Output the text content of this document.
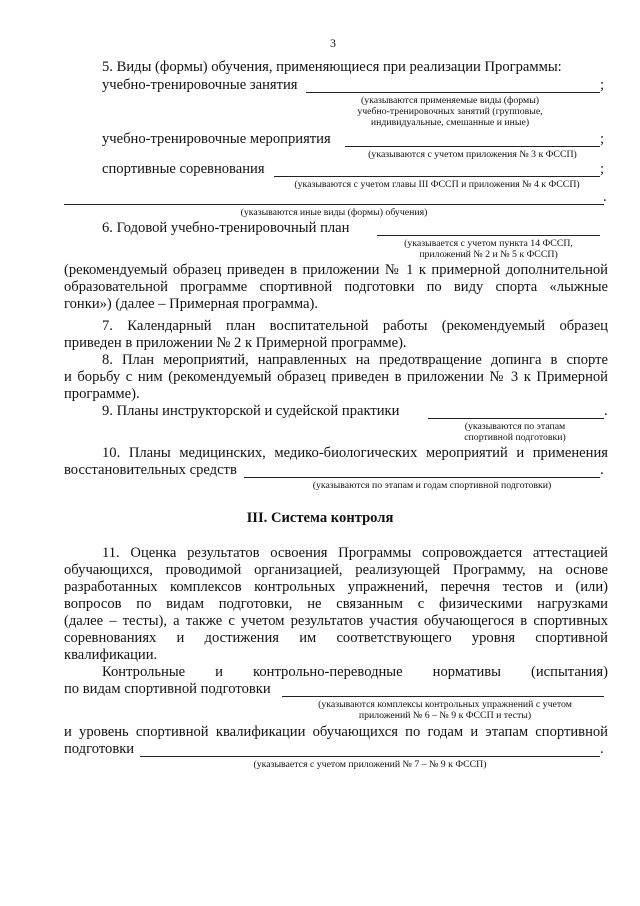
3
5. Виды (формы) обучения, применяющиеся при реализации Программы:
учебно-тренировочные занятия	;
(указываются применяемые виды (формы)
учебно-тренировочных занятий (групповые,
индивидуальные, смешанные и иные)
учебно-тренировочные мероприятия	;
(указываются с учетом приложения № 3 к ФССП)
спортивные соревнования	;
(указываются с учетом главы III ФССП и приложения № 4 к ФССП)
.
(указываются иные виды (формы) обучения)
6. Годовой учебно-тренировочный план
(указывается с учетом пункта 14 ФССП,
приложений № 2 и № 5 к ФССП)
(рекомендуемый образец приведен в приложении № 1 к примерной дополнительной
образовательной программе спортивной подготовки по виду спорта «лыжные
гонки») (далее – Примерная программа).
7. Календарный план воспитательной работы (рекомендуемый образец
приведен в приложении № 2 к Примерной программе).
8. План мероприятий, направленных на предотвращение допинга в спорте
и борьбу с ним (рекомендуемый образец приведен в приложении № 3 к Примерной
программе).
9. Планы инструкторской и судейской практики	.
(указываются по этапам
спортивной подготовки)
10. Планы медицинских, медико-биологических мероприятий и применения
восстановительных средств	.
(указываются по этапам и годам спортивной подготовки)
III. Система контроля
11. Оценка результатов освоения Программы сопровождается аттестацией
обучающихся, проводимой организацией, реализующей Программу, на основе
разработанных комплексов контрольных упражнений, перечня тестов и (или)
вопросов по видам подготовки, не связанным с физическими нагрузками
(далее – тесты), а также с учетом результатов участия обучающегося в спортивных
соревнованиях и достижения им соответствующего уровня спортивной
квалификации.
Контрольные и контрольно-переводные нормативы (испытания)
по видам спортивной подготовки
(указываются комплексы контрольных упражнений с учетом
приложений № 6 – № 9 к ФССП и тесты)
и уровень спортивной квалификации обучающихся по годам и этапам спортивной
подготовки	.
(указывается с учетом приложений № 7 – № 9 к ФССП)
